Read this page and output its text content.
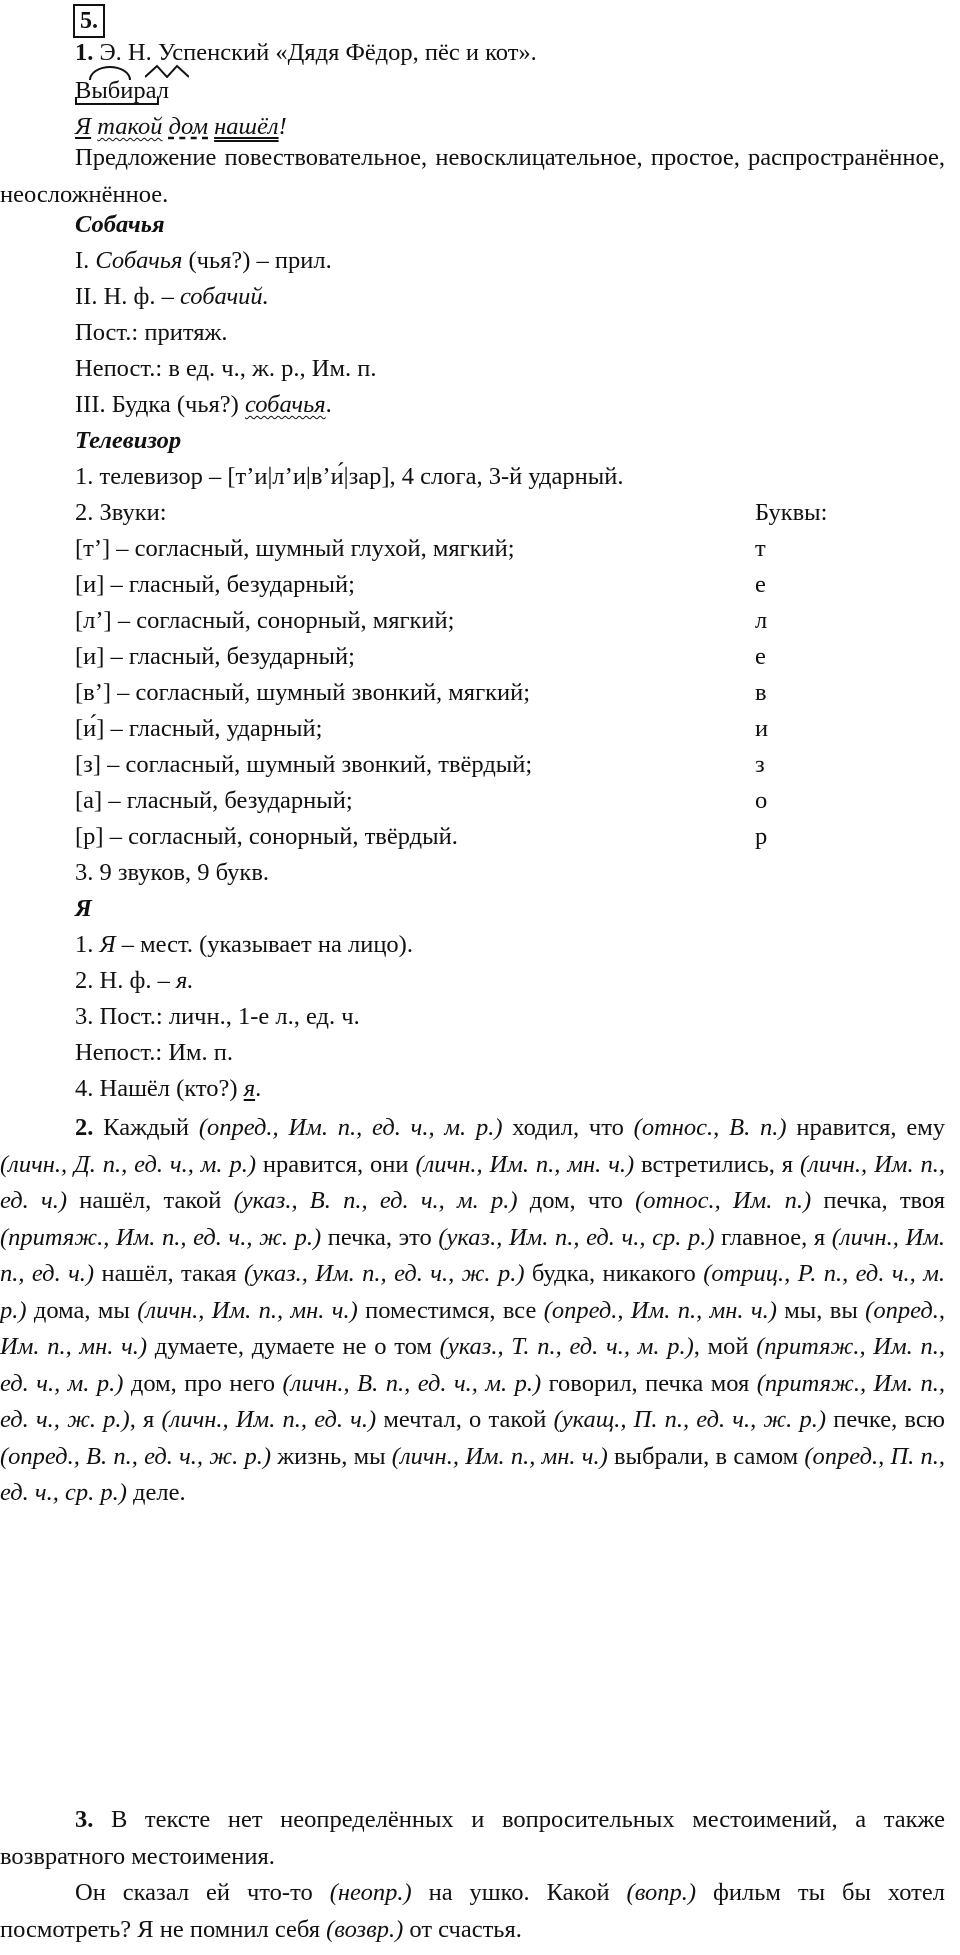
5.
1. Э. Н. Успенский «Дядя Фёдор, пёс и кот».
Выбирал
Я такой дом нашёл!

Предложение повествовательное, невосклицательное, простое, распространённое, неосложнённое.

Собачья
I. Собачья (чья?) – прил.
II. Н. ф. – собачий.
Пост.: притяж.
Непост.: в ед. ч., ж. р., Им. п.
III. Будка (чья?) собачья.
Телевизор
1. телевизор – [т’и|л’и|в’и́|зар], 4 слога, 3-й ударный.
2. Звуки:	Буквы:
[т’] – согласный, шумный глухой, мягкий;	т
[и] – гласный, безударный;	е
[л’] – согласный, сонорный, мягкий;	л
[и] – гласный, безударный;	е
[в’] – согласный, шумный звонкий, мягкий;	в
[и́] – гласный, ударный;	и
[з] – согласный, шумный звонкий, твёрдый;	з
[а] – гласный, безударный;	о
[р] – согласный, сонорный, твёрдый.	р
3. 9 звуков, 9 букв.
Я
1. Я – мест. (указывает на лицо).
2. Н. ф. – я.
3. Пост.: личн., 1-е л., ед. ч.
Непост.: Им. п.
4. Нашёл (кто?) я.

2. Каждый (опред., Им. п., ед. ч., м. р.) ходил, что (относ., В. п.) нравится, ему (личн., Д. п., ед. ч., м. р.) нравится, они (личн., Им. п., мн. ч.) встретились, я (личн., Им. п., ед. ч.) нашёл, такой (указ., В. п., ед. ч., м. р.) дом, что (относ., Им. п.) печка, твоя (притяж., Им. п., ед. ч., ж. р.) печка, это (указ., Им. п., ед. ч., ср. р.) главное, я (личн., Им. п., ед. ч.) нашёл, такая (указ., Им. п., ед. ч., ж. р.) будка, никакого (отриц., Р. п., ед. ч., м. р.) дома, мы (личн., Им. п., мн. ч.) поместимся, все (опред., Им. п., мн. ч.) мы, вы (опред., Им. п., мн. ч.) думаете, думаете не о том (указ., Т. п., ед. ч., м. р.), мой (притяж., Им. п., ед. ч., м. р.) дом, про него (личн., В. п., ед. ч., м. р.) говорил, печка моя (притяж., Им. п., ед. ч., ж. р.), я (личн., Им. п., ед. ч.) мечтал, о такой (укащ., П. п., ед. ч., ж. р.) печке, всю (опред., В. п., ед. ч., ж. р.) жизнь, мы (личн., Им. п., мн. ч.) выбрали, в самом (опред., П. п., ед. ч., ср. р.) деле.

3. В тексте нет неопределённых и вопросительных местоимений, а также возвратного местоимения.

Он сказал ей что-то (неопр.) на ушко. Какой (вопр.) фильм ты бы хотел посмотреть? Я не помнил себя (возвр.) от счастья.
